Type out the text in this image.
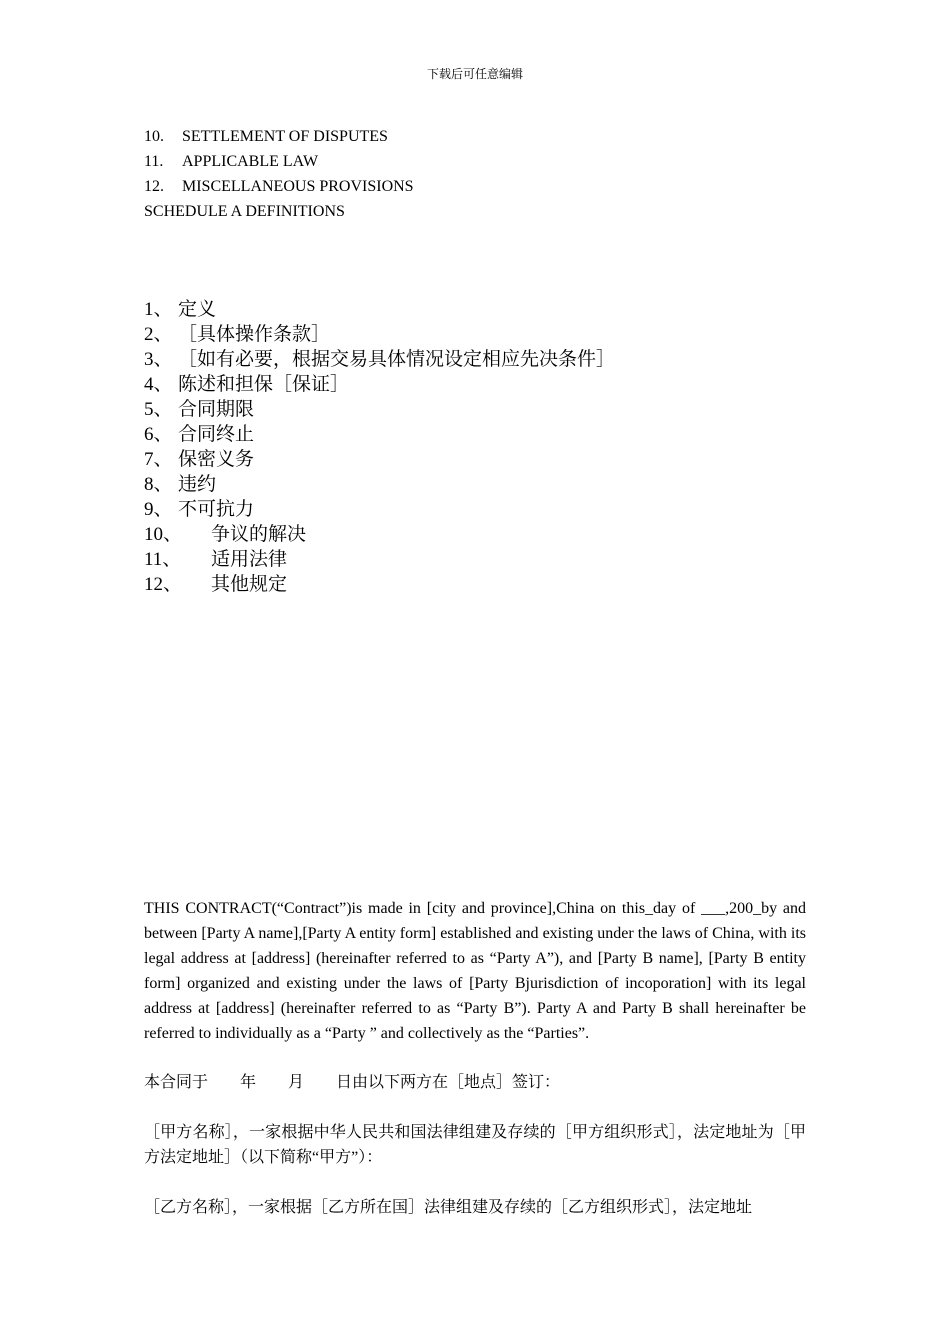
下载后可任意编辑
10. SETTLEMENT OF DISPUTES
11. APPLICABLE LAW
12. MISCELLANEOUS PROVISIONS
SCHEDULE A DEFINITIONS
1、 定义
2、 ［具体操作条款］
3、 ［如有必要，根据交易具体情况设定相应先决条件］
4、 陈述和担保［保证］
5、 合同期限
6、 合同终止
7、 保密义务
8、 违约
9、 不可抗力
10、 争议的解决
11、 适用法律
12、 其他规定

THIS CONTRACT(“Contract”)is made in [city and province],China on this_day of ___,200_by and between [Party A name],[Party A entity form] established and existing under the laws of China, with its legal address at [address] (hereinafter referred to as “Party A”), and [Party B name], [Party B entity form] organized and existing under the laws of [Party Bjurisdiction of incoporation] with its legal address at [address] (hereinafter referred to as “Party B”). Party A and Party B shall hereinafter be referred to individually as a “Party ” and collectively as the “Parties”.

本合同于　　年　　月　　日由以下两方在［地点］签订：

［甲方名称］，一家根据中华人民共和国法律组建及存续的［甲方组织形式］，法定地址为［甲方法定地址］（以下简称“甲方”）：

［乙方名称］，一家根据［乙方所在国］法律组建及存续的［乙方组织形式］，法定地址
